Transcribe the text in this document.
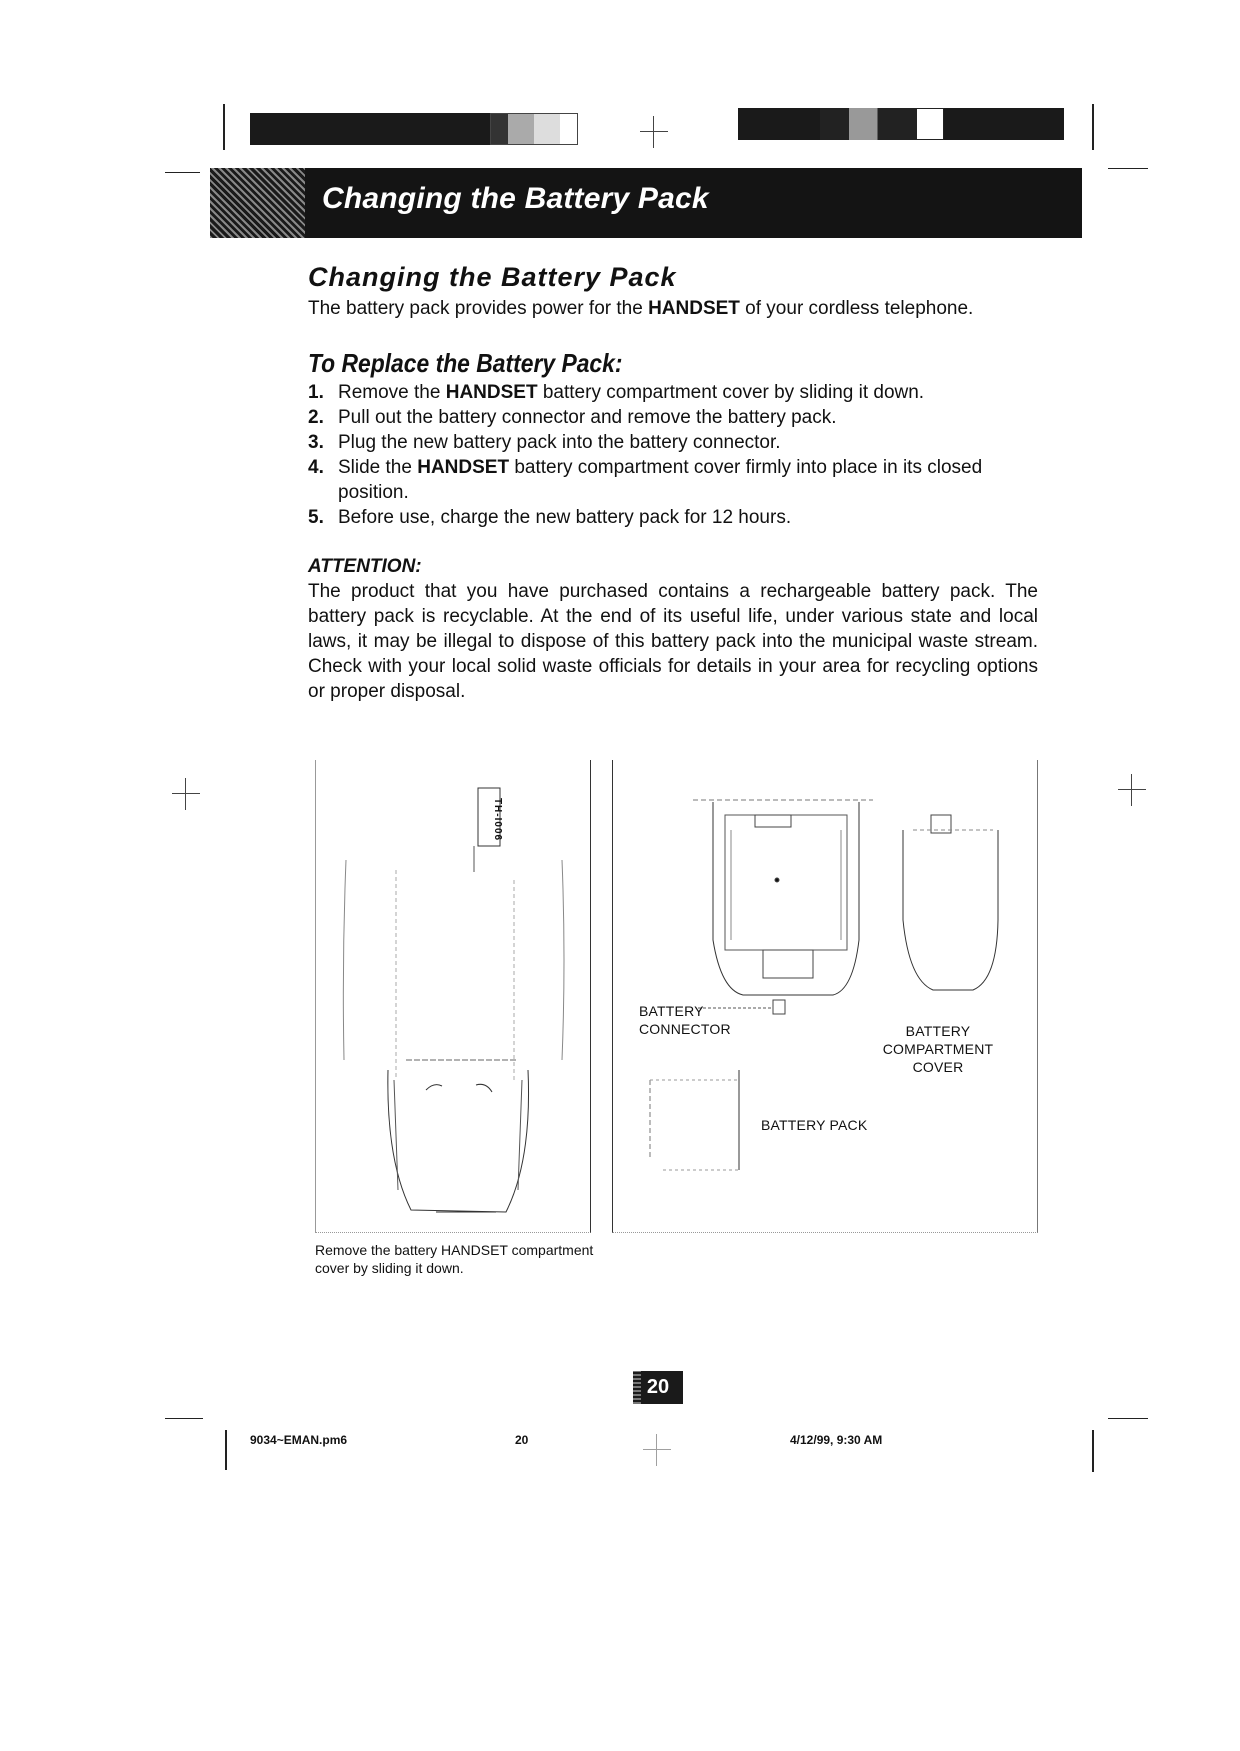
Changing the Battery Pack
Changing the Battery Pack
The battery pack provides power for the HANDSET of your cordless telephone.
To Replace the Battery Pack:
1. Remove the HANDSET battery compartment cover by sliding it down.
2. Pull out the battery connector and remove the battery pack.
3. Plug the new battery pack into the battery connector.
4. Slide the HANDSET battery compartment cover firmly into place in its closed position.
5. Before use, charge the new battery pack for 12 hours.
ATTENTION:
The product that you have purchased contains a rechargeable battery pack. The battery pack is recyclable. At the end of its useful life, under various state and local laws, it may be illegal to dispose of this battery pack into the municipal waste stream. Check with your local solid waste officials for details in your area for recycling options or proper disposal.
TH-I006
BATTERY
CONNECTOR	BATTERY COMPARTMENT
COVER
BATTERY PACK
Remove the battery HANDSET compartment cover by sliding it down.
20
9034~EMAN.pm6	20	4/12/99, 9:30 AM
